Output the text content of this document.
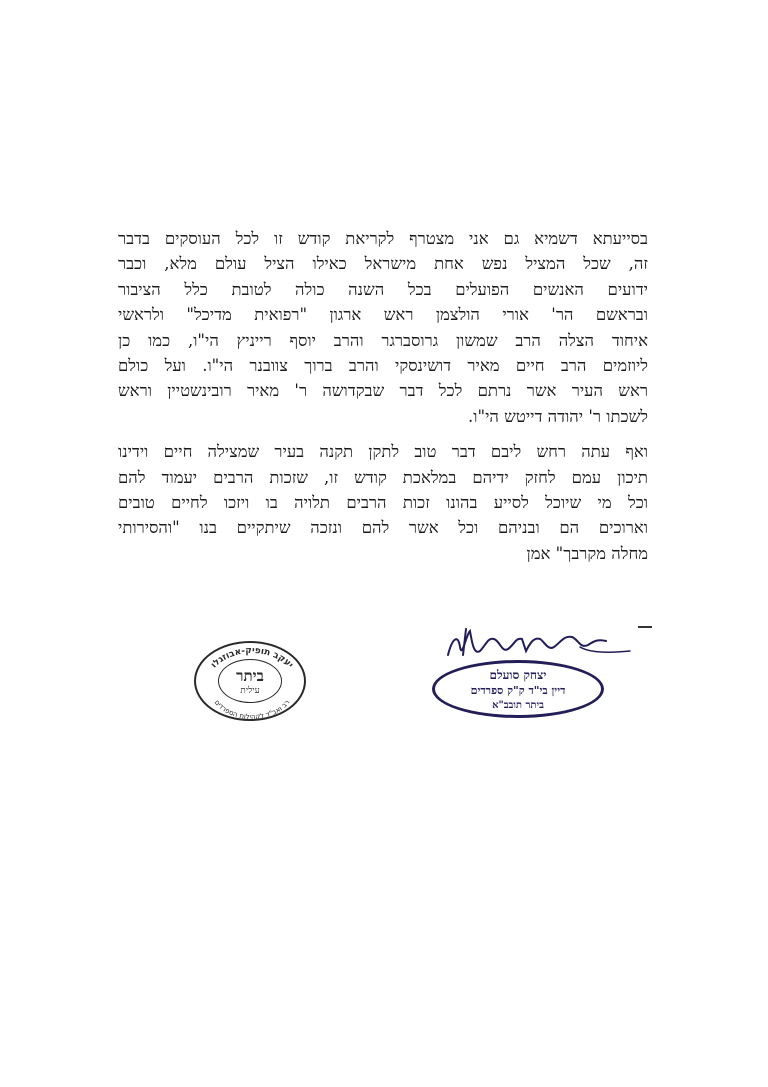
בסייעתא דשמיא גם אני מצטרף לקריאת קודש זו לכל העוסקים בדבר
זה, שכל המציל נפש אחת מישראל כאילו הציל עולם מלא, וכבר
ידועים האנשים הפועלים בכל השנה כולה לטובת כלל הציבור
ובראשם הר' אורי הולצמן ראש ארגון "רפואית מדיכל" ולראשי
איחוד הצלה הרב שמשון גרוסברגר והרב יוסף רייניץ הי"ו, כמו כן
ליוזמים הרב חיים מאיר דושינסקי והרב ברוך צוובנר הי"ו. ועל כולם
ראש העיר אשר נרתם לכל דבר שבקדושה ר' מאיר רובינשטיין וראש
לשכתו ר' יהודה דייטש הי"ו.
ואף עתה רחש ליבם דבר טוב לתקן תקנה בעיר שמצילה חיים וידינו
תיכון עמם לחזק ידיהם במלאכת קודש זו, שזכות הרבים יעמוד להם
וכל מי שיוכל לסייע בהונו זכות הרבים תלויה בו ויזכו לחיים טובים
וארוכים הם ובניהם וכל אשר להם ונזכה שיתקיים בנו "והסירותי
מחלה מקרבך" אמן
יצחק סועלם
דיין בי"ד ק"ק ספרדים
ביתר תובב"א
יעקב תופיק-אבוזגלו
רב ואב"ד לקהילות הספרדים
ביתר
עילית
